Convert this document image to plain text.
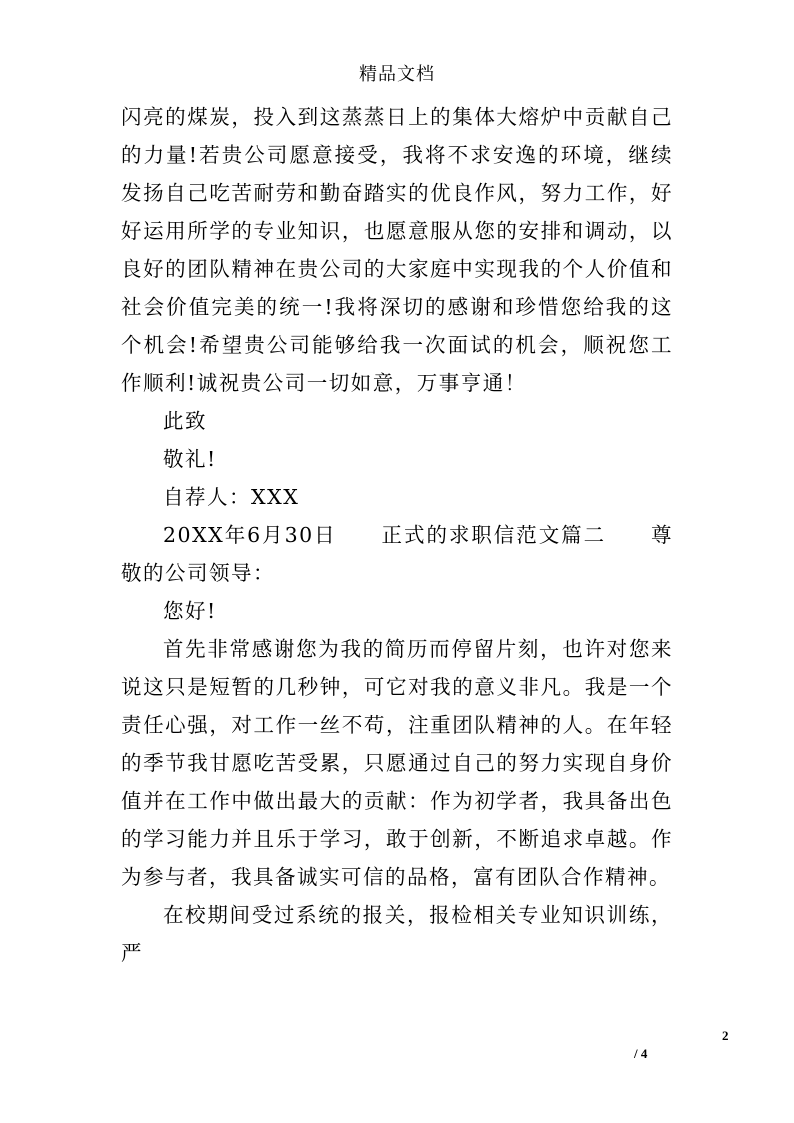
精品文档

闪亮的煤炭，投入到这蒸蒸日上的集体大熔炉中贡献自己的力量!若贵公司愿意接受，我将不求安逸的环境，继续发扬自己吃苦耐劳和勤奋踏实的优良作风，努力工作，好好运用所学的专业知识，也愿意服从您的安排和调动，以良好的团队精神在贵公司的大家庭中实现我的个人价值和社会价值完美的统一!我将深切的感谢和珍惜您给我的这个机会!希望贵公司能够给我一次面试的机会，顺祝您工作顺利!诚祝贵公司一切如意，万事亨通！

此致

敬礼!

自荐人：XXX

20XX年6月30日　　正式的求职信范文篇二　　尊敬的公司领导：

您好!

首先非常感谢您为我的简历而停留片刻，也许对您来说这只是短暂的几秒钟，可它对我的意义非凡。我是一个责任心强，对工作一丝不苟，注重团队精神的人。在年轻的季节我甘愿吃苦受累，只愿通过自己的努力实现自身价值并在工作中做出最大的贡献：作为初学者，我具备出色的学习能力并且乐于学习，敢于创新，不断追求卓越。作为参与者，我具备诚实可信的品格，富有团队合作精神。

在校期间受过系统的报关，报检相关专业知识训练，严

2
/ 4
